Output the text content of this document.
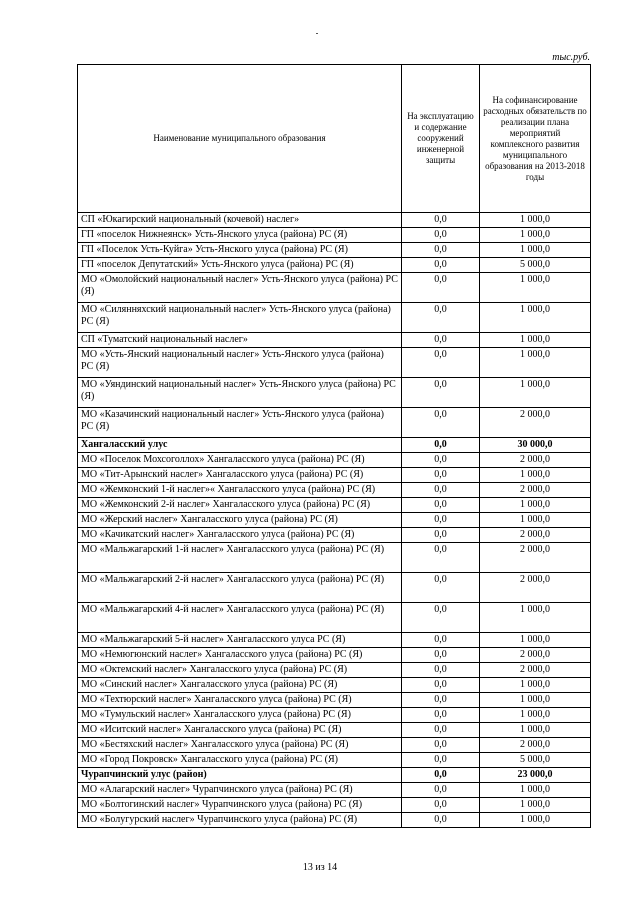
тыс.руб.
Наименование муниципального образования	На эксплуатацию и содержание сооружений инженерной защиты	На софинансирование расходных обязательств по реализации плана мероприятий комплексного развития муниципального образования на 2013-2018 годы
СП «Юкагирский национальный (кочевой) наслег»	0,0	1 000,0
ГП «поселок Нижнеянск» Усть-Янского улуса (района) РС (Я)	0,0	1 000,0
ГП «Поселок Усть-Куйга» Усть-Янского улуса (района) РС (Я)	0,0	1 000,0
ГП «поселок Депутатский» Усть-Янского улуса (района) РС (Я)	0,0	5 000,0
МО «Омолойский национальный наслег» Усть-Янского улуса (района) РС (Я)	0,0	1 000,0
МО «Силянняхский национальный наслег» Усть-Янского улуса (района) РС (Я)	0,0	1 000,0
СП «Туматский национальный наслег»	0,0	1 000,0
МО «Усть-Янский национальный наслег» Усть-Янского улуса (района) РС (Я)	0,0	1 000,0
МО «Уяндинский национальный наслег» Усть-Янского улуса (района) РС (Я)	0,0	1 000,0
МО «Казачинский национальный наслег» Усть-Янского улуса (района) РС (Я)	0,0	2 000,0
Хангаласский улус	0,0	30 000,0
МО «Поселок Мохсоголлох» Хангаласского улуса (района) РС (Я)	0,0	2 000,0
МО «Тит-Арынский наслег» Хангаласского улуса (района) РС (Я)	0,0	1 000,0
МО «Жемконский 1-й наслег»« Хангаласского улуса (района) РС (Я)	0,0	2 000,0
МО «Жемконский 2-й наслег» Хангаласского улуса (района) РС (Я)	0,0	1 000,0
МО «Жерский наслег» Хангаласского улуса (района) РС (Я)	0,0	1 000,0
МО «Качикатский наслег» Хангаласского улуса (района) РС (Я)	0,0	2 000,0
МО «Мальжагарский 1-й наслег» Хангаласского улуса (района) РС (Я)	0,0	2 000,0
МО «Мальжагарский 2-й наслег» Хангаласского улуса (района) РС (Я)	0,0	2 000,0
МО «Мальжагарский 4-й наслег» Хангаласского улуса (района) РС (Я)	0,0	1 000,0
МО «Мальжагарский 5-й наслег» Хангаласского улуса РС (Я)	0,0	1 000,0
МО «Немюгюнский наслег» Хангаласского улуса (района) РС (Я)	0,0	2 000,0
МО «Октемский наслег» Хангаласского улуса (района) РС (Я)	0,0	2 000,0
МО «Синский наслег» Хангаласского улуса (района) РС (Я)	0,0	1 000,0
МО «Техтюрский наслег» Хангаласского улуса (района) РС (Я)	0,0	1 000,0
МО «Тумульский наслег» Хангаласского улуса (района) РС (Я)	0,0	1 000,0
МО «Иситский наслег» Хангаласского улуса (района) РС (Я)	0,0	1 000,0
МО «Бестяхский наслег» Хангаласского улуса (района) РС (Я)	0,0	2 000,0
МО «Город Покровск» Хангаласского улуса (района) РС (Я)	0,0	5 000,0
Чурапчинский улус (район)	0,0	23 000,0
МО «Алагарский наслег» Чурапчинского улуса (района) РС (Я)	0,0	1 000,0
МО «Болтогинский наслег» Чурапчинского улуса (района) РС (Я)	0,0	1 000,0
МО «Болугурский наслег» Чурапчинского улуса (района) РС (Я)	0,0	1 000,0
13 из 14
